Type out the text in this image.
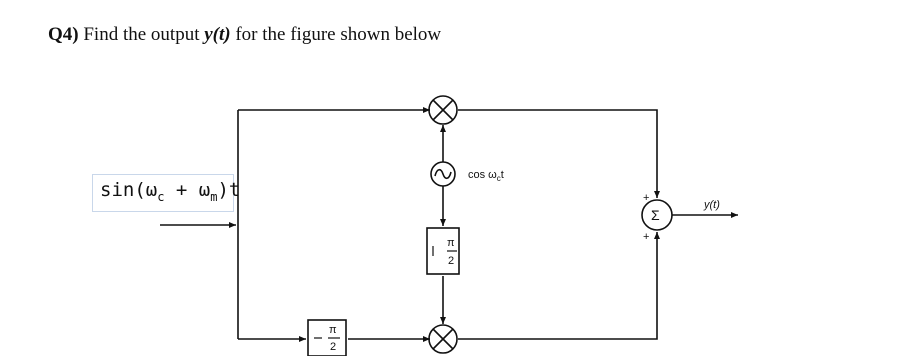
Q4) Find the output y(t) for the figure shown below
$\sin(\omega_c + \omega_m)t$
$\cos \omega_ct$
π
2
π
2
Σ
+
+
y(t)
